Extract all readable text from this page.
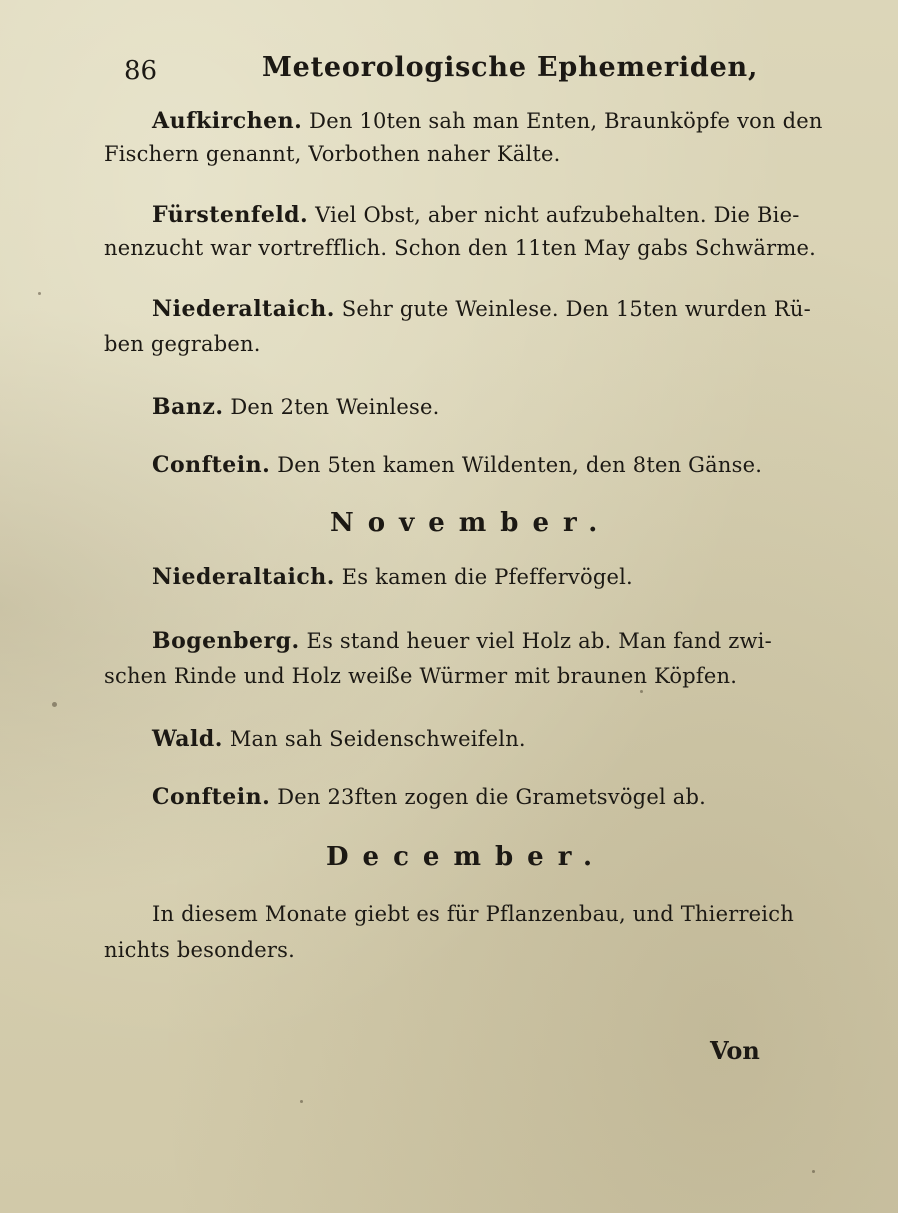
86	Meteorologische Ephemeriden,
Aufkirchen. Den 10ten sah man Enten, Braunköpfe von den
Fischern genannt, Vorbothen naher Kälte.
Fürstenfeld. Viel Obst, aber nicht aufzubehalten. Die Bie-
nenzucht war vortrefflich. Schon den 11ten May gabs Schwärme.
Niederaltaich. Sehr gute Weinlese. Den 15ten wurden Rü-
ben gegraben.
Banz. Den 2ten Weinlese.
Conftein. Den 5ten kamen Wildenten, den 8ten Gänse.
November.
Niederaltaich. Es kamen die Pfeffervögel.
Bogenberg. Es stand heuer viel Holz ab. Man fand zwi-
schen Rinde und Holz weiße Würmer mit braunen Köpfen.
Wald. Man sah Seidenschweifeln.
Conftein. Den 23ften zogen die Grametsvögel ab.
December.
In diesem Monate giebt es für Pflanzenbau, und Thierreich
nichts besonders.
Von
